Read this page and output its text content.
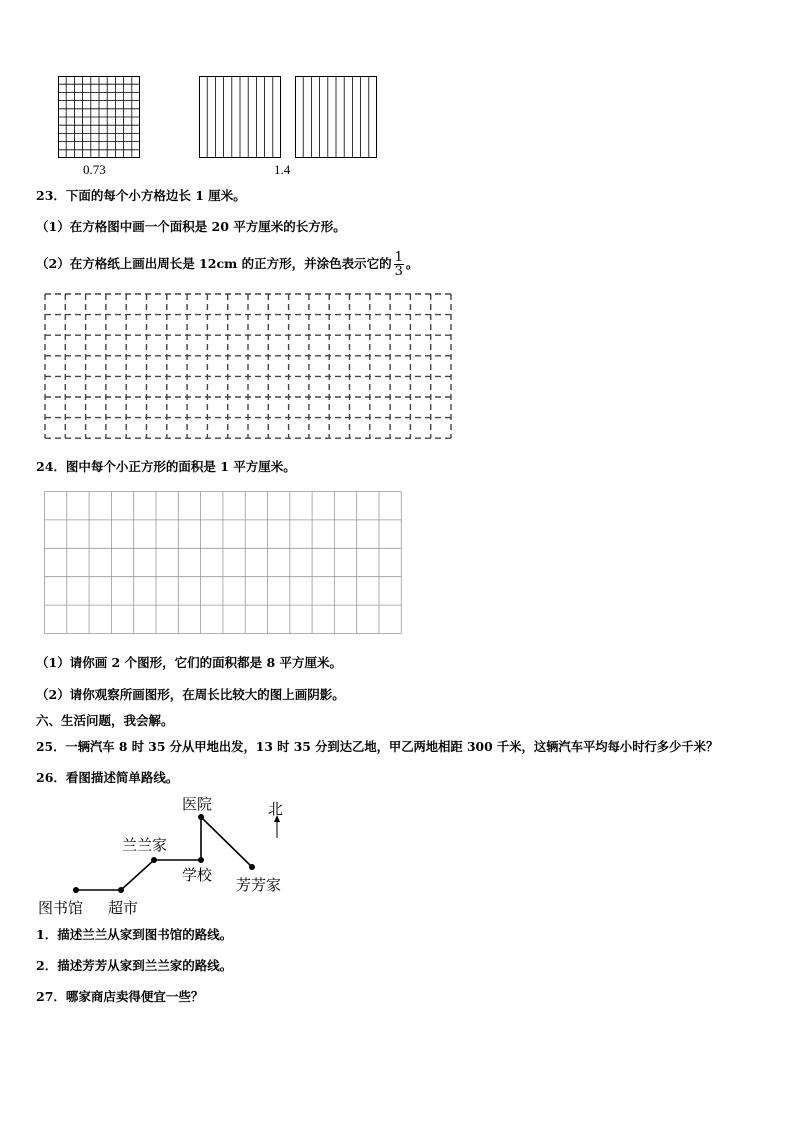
0.73	1.4
23．下面的每个小方格边长 1 厘米。
（1）在方格图中画一个面积是 20 平方厘米的长方形。
（2）在方格纸上画出周长是 12cm 的正方形，并涂色表示它的 $\frac{1}{3}$ 。
24．图中每个小正方形的面积是 1 平方厘米。
（1）请你画 2 个图形，它们的面积都是 8 平方厘米。
（2）请你观察所画图形，在周长比较大的图上画阴影。
六、生活问题，我会解。
25．一辆汽车 8 时 35 分从甲地出发，13 时 35 分到达乙地，甲乙两地相距 300 千米，这辆汽车平均每小时行多少千米？
26．看图描述简单路线。
医院	北
兰兰家
学校
芳芳家
图书馆 超市
1．描述兰兰从家到图书馆的路线。
2．描述芳芳从家到兰兰家的路线。
27．哪家商店卖得便宜一些？
